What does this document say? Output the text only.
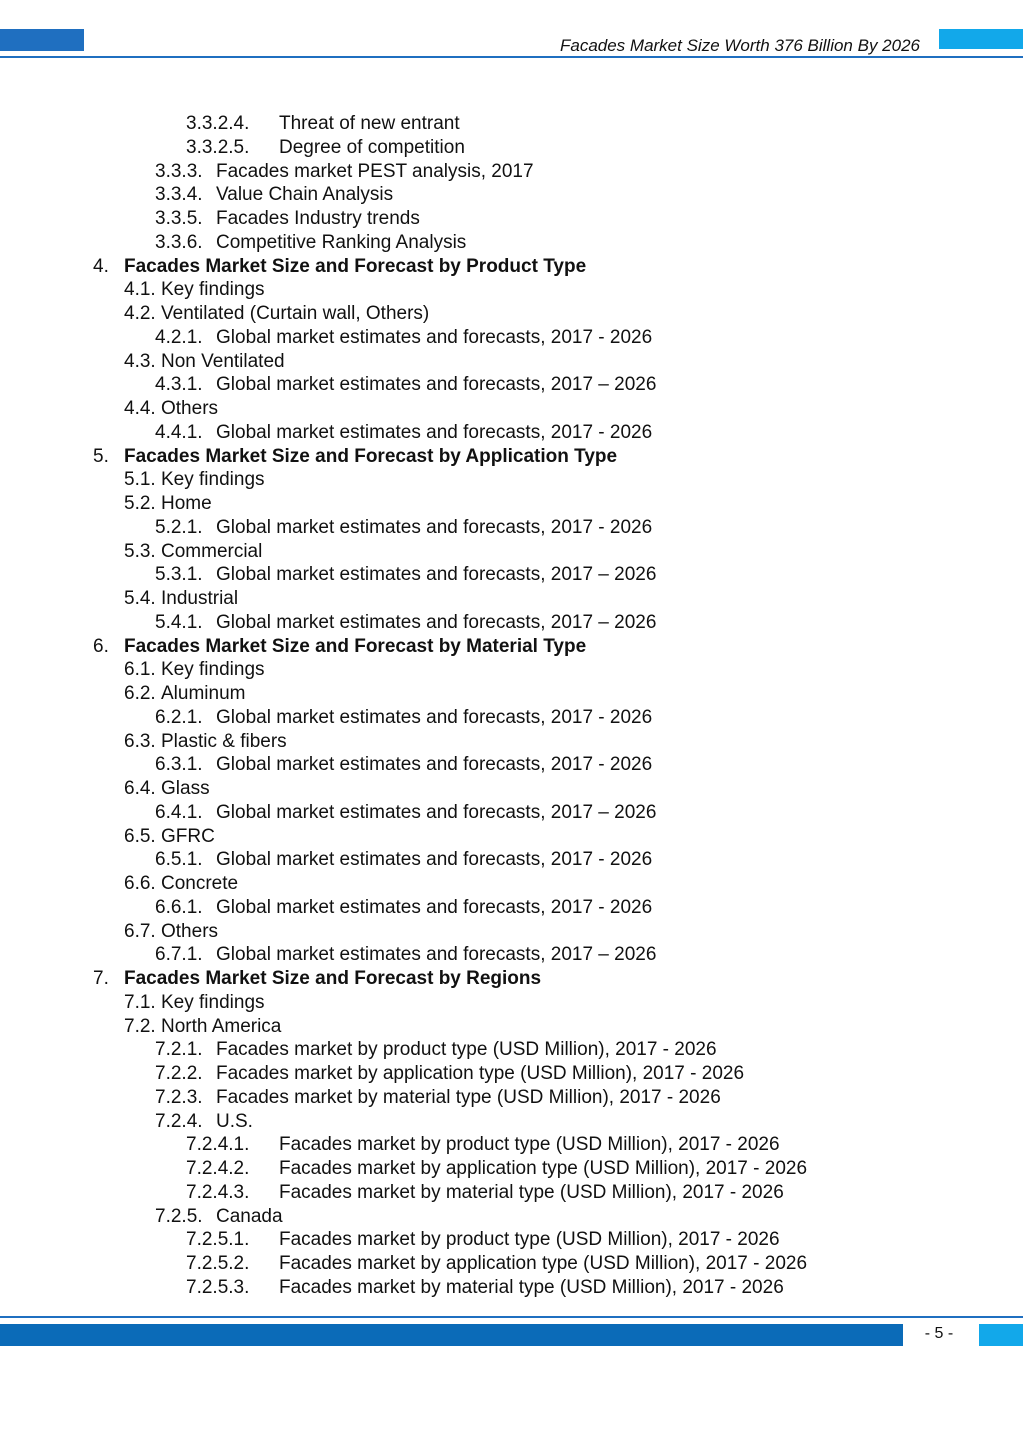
Facades Market Size Worth 376 Billion By 2026
3.3.2.4. Threat of new entrant
3.3.2.5. Degree of competition
3.3.3. Facades market PEST analysis, 2017
3.3.4. Value Chain Analysis
3.3.5. Facades Industry trends
3.3.6. Competitive Ranking Analysis
4. Facades Market Size and Forecast by Product Type
4.1. Key findings
4.2. Ventilated (Curtain wall, Others)
4.2.1. Global market estimates and forecasts, 2017 - 2026
4.3. Non Ventilated
4.3.1. Global market estimates and forecasts, 2017 – 2026
4.4. Others
4.4.1. Global market estimates and forecasts, 2017 - 2026
5. Facades Market Size and Forecast by Application Type
5.1. Key findings
5.2. Home
5.2.1. Global market estimates and forecasts, 2017 - 2026
5.3. Commercial
5.3.1. Global market estimates and forecasts, 2017 – 2026
5.4. Industrial
5.4.1. Global market estimates and forecasts, 2017 – 2026
6. Facades Market Size and Forecast by Material Type
6.1. Key findings
6.2. Aluminum
6.2.1. Global market estimates and forecasts, 2017 - 2026
6.3. Plastic & fibers
6.3.1. Global market estimates and forecasts, 2017 - 2026
6.4. Glass
6.4.1. Global market estimates and forecasts, 2017 – 2026
6.5. GFRC
6.5.1. Global market estimates and forecasts, 2017 - 2026
6.6. Concrete
6.6.1. Global market estimates and forecasts, 2017 - 2026
6.7. Others
6.7.1. Global market estimates and forecasts, 2017 – 2026
7. Facades Market Size and Forecast by Regions
7.1. Key findings
7.2. North America
7.2.1. Facades market by product type (USD Million), 2017 - 2026
7.2.2. Facades market by application type (USD Million), 2017 - 2026
7.2.3. Facades market by material type (USD Million), 2017 - 2026
7.2.4. U.S.
7.2.4.1. Facades market by product type (USD Million), 2017 - 2026
7.2.4.2. Facades market by application type (USD Million), 2017 - 2026
7.2.4.3. Facades market by material type (USD Million), 2017 - 2026
7.2.5. Canada
7.2.5.1. Facades market by product type (USD Million), 2017 - 2026
7.2.5.2. Facades market by application type (USD Million), 2017 - 2026
7.2.5.3. Facades market by material type (USD Million), 2017 - 2026
- 5 -
